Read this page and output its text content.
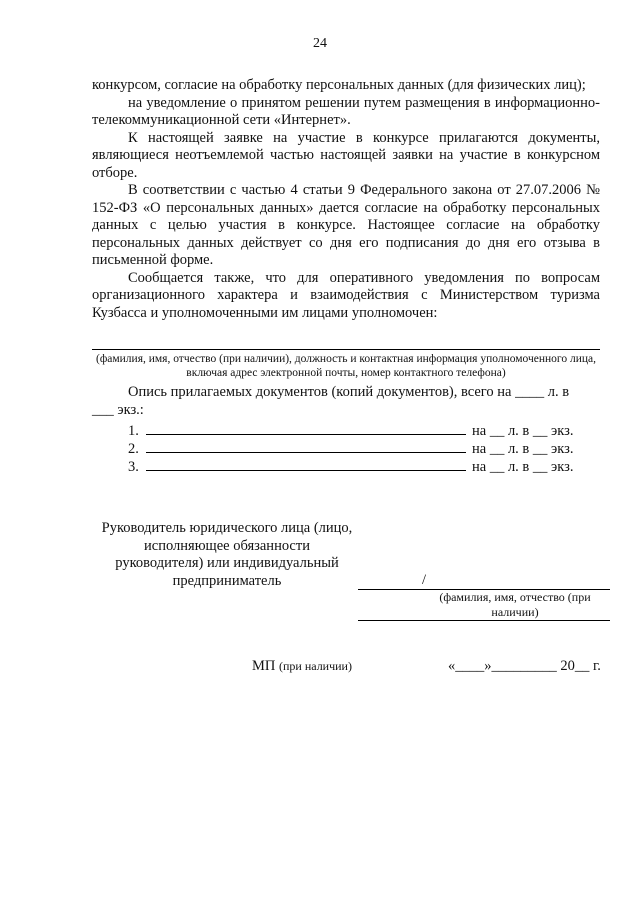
24

конкурсом, согласие на обработку персональных данных (для физических лиц);

на уведомление о принятом решении путем размещения в информационно-телекоммуникационной сети «Интернет».

К настоящей заявке на участие в конкурсе прилагаются документы, являющиеся неотъемлемой частью настоящей заявки на участие в конкурсном отборе.

В соответствии с частью 4 статьи 9 Федерального закона от 27.07.2006 № 152-ФЗ «О персональных данных» дается согласие на обработку персональных данных с целью участия в конкурсе. Настоящее согласие на обработку персональных данных действует со дня его подписания до дня его отзыва в письменной форме.

Сообщается также, что для оперативного уведомления по вопросам организационного характера и взаимодействия с Министерством туризма Кузбасса и уполномоченными им лицами уполномочен:

(фамилия, имя, отчество (при наличии), должность и контактная информация уполномоченного лица, включая адрес электронной почты, номер контактного телефона)

Опись прилагаемых документов (копий документов), всего на ____ л. в

___ экз.:

1.	на __ л. в __ экз.
2.	на __ л. в __ экз.
3.	на __ л. в __ экз.
Руководитель юридического лица (лицо,
исполняющее обязанности
руководителя) или индивидуальный
предприниматель	/
(фамилия, имя, отчество (при наличии)
МП (при наличии)	«____»_________ 20__ г.
